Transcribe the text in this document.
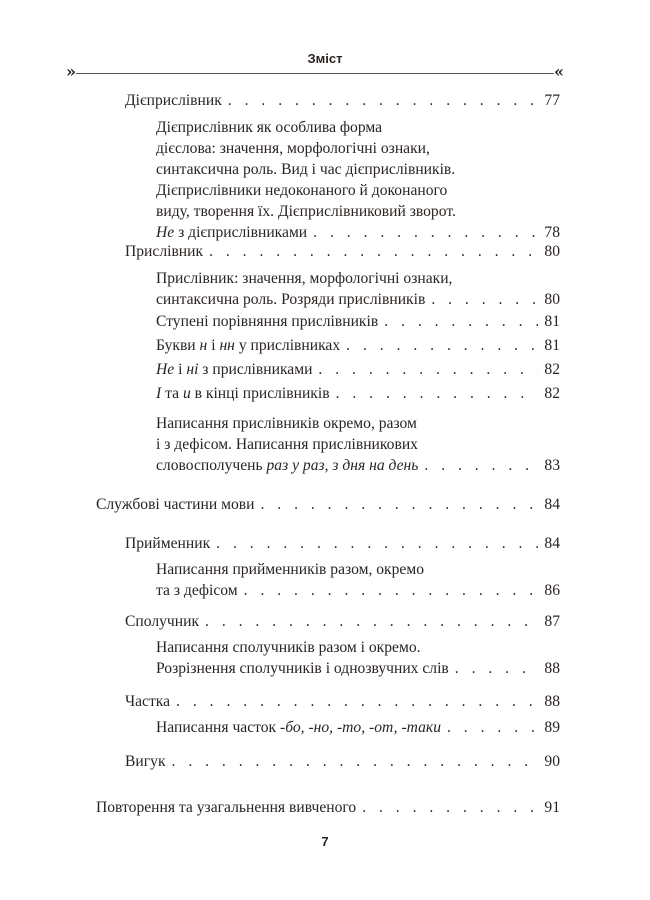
Зміст
»	«
Дієприслівник . . .	77
Дієприслівник як особлива форма
дієслова: значення, морфологічні ознаки,
синтаксична роль. Вид і час дієприслівників.
Дієприслівники недоконаного й доконаного
виду, творення їх. Дієприслівниковий зворот.
Не з дієприслівниками . . .	78
Прислівник . . .	80
Прислівник: значення, морфологічні ознаки,
синтаксична роль. Розряди прислівників . . .	80
Ступені порівняння прислівників . . .	81
Букви н і нн у прислівниках . . .	81
Не і ні з прислівниками . . .	82
І та и в кінці прислівників . . .	82
Написання прислівників окремо, разом
і з дефісом. Написання прислівникових
словосполучень раз у раз, з дня на день . . .	83
Службові частини мови . . .	84
Прийменник . . .	84
Написання прийменників разом, окремо
та з дефісом . . .	86
Сполучник . . .	87
Написання сполучників разом і окремо.
Розрізнення сполучників і однозвучних слів . . .	88
Частка . . .	88
Написання часток -бо, -но, -то, -от, -таки . . .	89
Вигук . . .	90
Повторення та узагальнення вивченого . . .	91
7
